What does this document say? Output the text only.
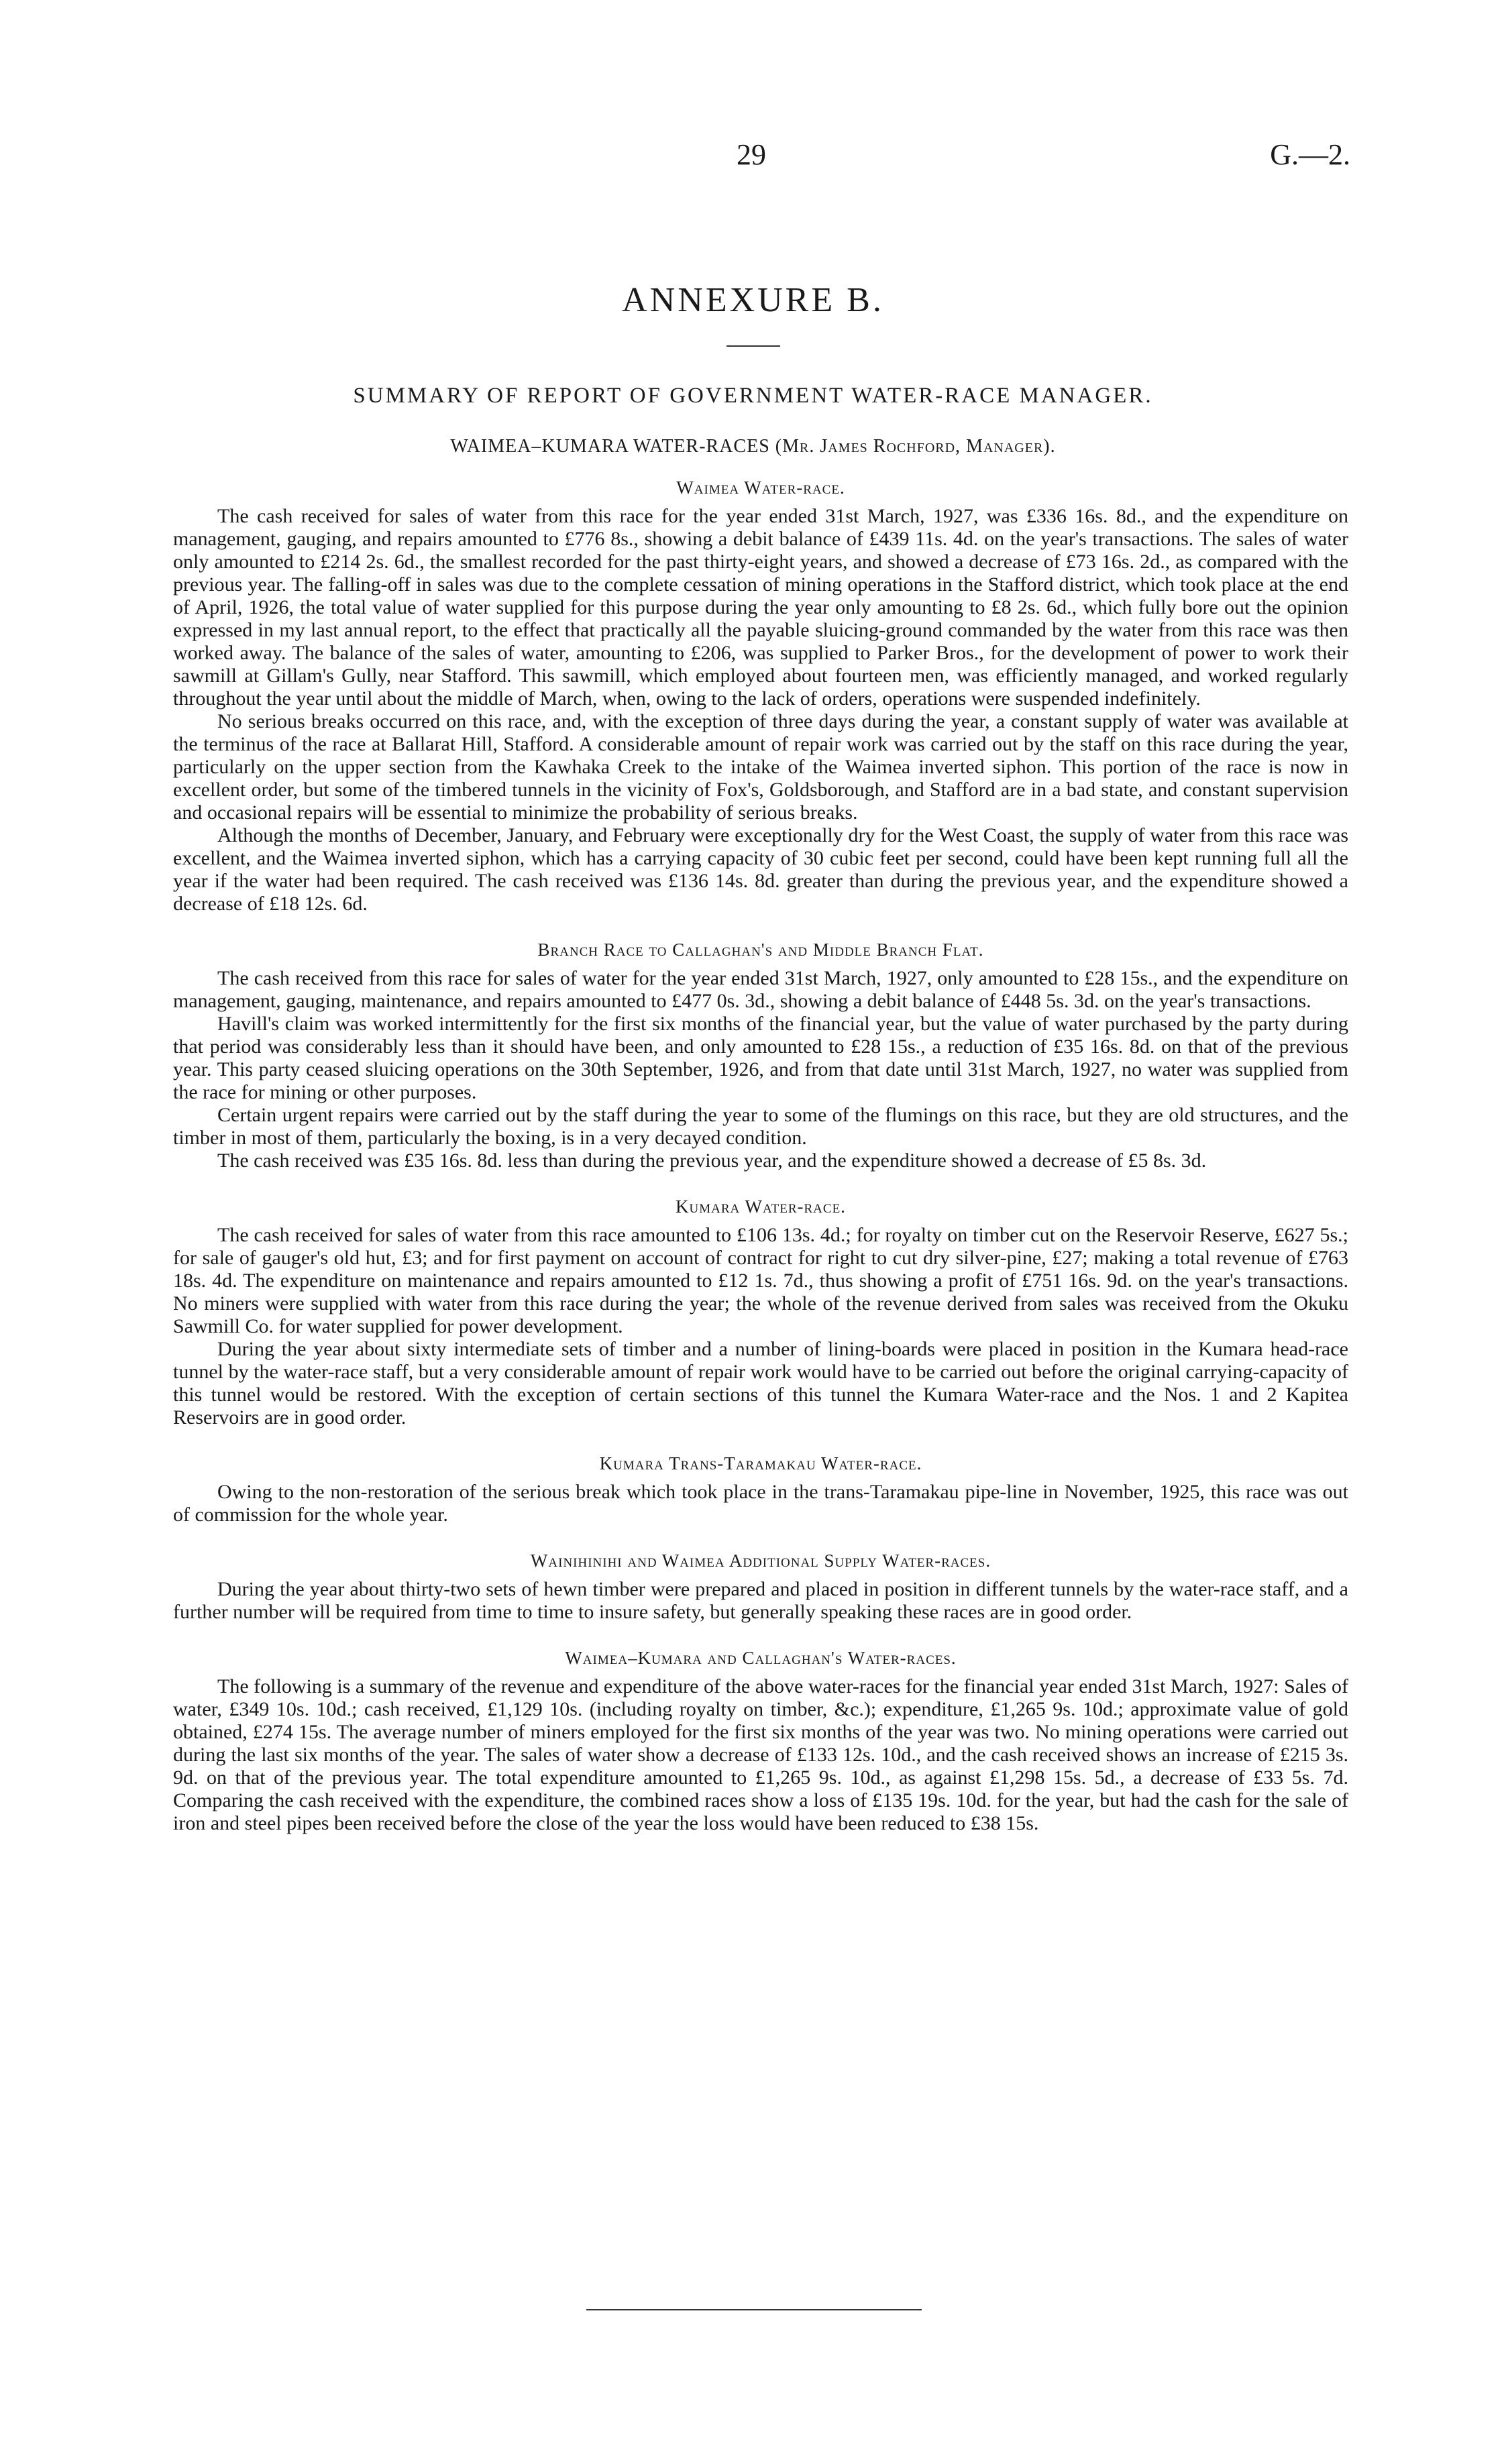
29	G.—2.
ANNEXURE B.
SUMMARY OF REPORT OF GOVERNMENT WATER-RACE MANAGER.
WAIMEA–KUMARA WATER-RACES (Mr. James Rochford, Manager).
Waimea Water-race.

The cash received for sales of water from this race for the year ended 31st March, 1927, was £336 16s. 8d., and the expenditure on management, gauging, and repairs amounted to £776 8s., showing a debit balance of £439 11s. 4d. on the year's transactions. The sales of water only amounted to £214 2s. 6d., the smallest recorded for the past thirty-eight years, and showed a decrease of £73 16s. 2d., as compared with the previous year. The falling-off in sales was due to the complete cessation of mining operations in the Stafford district, which took place at the end of April, 1926, the total value of water supplied for this purpose during the year only amounting to £8 2s. 6d., which fully bore out the opinion expressed in my last annual report, to the effect that practically all the payable sluicing-ground commanded by the water from this race was then worked away. The balance of the sales of water, amounting to £206, was supplied to Parker Bros., for the development of power to work their sawmill at Gillam's Gully, near Stafford. This sawmill, which employed about fourteen men, was efficiently managed, and worked regularly throughout the year until about the middle of March, when, owing to the lack of orders, operations were suspended indefinitely.

No serious breaks occurred on this race, and, with the exception of three days during the year, a constant supply of water was available at the terminus of the race at Ballarat Hill, Stafford. A considerable amount of repair work was carried out by the staff on this race during the year, particularly on the upper section from the Kawhaka Creek to the intake of the Waimea inverted siphon. This portion of the race is now in excellent order, but some of the timbered tunnels in the vicinity of Fox's, Goldsborough, and Stafford are in a bad state, and constant supervision and occasional repairs will be essential to minimize the probability of serious breaks.

Although the months of December, January, and February were exceptionally dry for the West Coast, the supply of water from this race was excellent, and the Waimea inverted siphon, which has a carrying capacity of 30 cubic feet per second, could have been kept running full all the year if the water had been required. The cash received was £136 14s. 8d. greater than during the previous year, and the expenditure showed a decrease of £18 12s. 6d.

Branch Race to Callaghan's and Middle Branch Flat.

The cash received from this race for sales of water for the year ended 31st March, 1927, only amounted to £28 15s., and the expenditure on management, gauging, maintenance, and repairs amounted to £477 0s. 3d., showing a debit balance of £448 5s. 3d. on the year's transactions.

Havill's claim was worked intermittently for the first six months of the financial year, but the value of water purchased by the party during that period was considerably less than it should have been, and only amounted to £28 15s., a reduction of £35 16s. 8d. on that of the previous year. This party ceased sluicing operations on the 30th September, 1926, and from that date until 31st March, 1927, no water was supplied from the race for mining or other purposes.

Certain urgent repairs were carried out by the staff during the year to some of the flumings on this race, but they are old structures, and the timber in most of them, particularly the boxing, is in a very decayed condition.

The cash received was £35 16s. 8d. less than during the previous year, and the expenditure showed a decrease of £5 8s. 3d.

Kumara Water-race.

The cash received for sales of water from this race amounted to £106 13s. 4d.; for royalty on timber cut on the Reservoir Reserve, £627 5s.; for sale of gauger's old hut, £3; and for first payment on account of contract for right to cut dry silver-pine, £27; making a total revenue of £763 18s. 4d. The expenditure on maintenance and repairs amounted to £12 1s. 7d., thus showing a profit of £751 16s. 9d. on the year's transactions. No miners were supplied with water from this race during the year; the whole of the revenue derived from sales was received from the Okuku Sawmill Co. for water supplied for power development.

During the year about sixty intermediate sets of timber and a number of lining-boards were placed in position in the Kumara head-race tunnel by the water-race staff, but a very considerable amount of repair work would have to be carried out before the original carrying-capacity of this tunnel would be restored. With the exception of certain sections of this tunnel the Kumara Water-race and the Nos. 1 and 2 Kapitea Reservoirs are in good order.

Kumara Trans-Taramakau Water-race.

Owing to the non-restoration of the serious break which took place in the trans-Taramakau pipe-line in November, 1925, this race was out of commission for the whole year.

Wainihinihi and Waimea Additional Supply Water-races.

During the year about thirty-two sets of hewn timber were prepared and placed in position in different tunnels by the water-race staff, and a further number will be required from time to time to insure safety, but generally speaking these races are in good order.

Waimea–Kumara and Callaghan's Water-races.

The following is a summary of the revenue and expenditure of the above water-races for the financial year ended 31st March, 1927: Sales of water, £349 10s. 10d.; cash received, £1,129 10s. (including royalty on timber, &c.); expenditure, £1,265 9s. 10d.; approximate value of gold obtained, £274 15s. The average number of miners employed for the first six months of the year was two. No mining operations were carried out during the last six months of the year. The sales of water show a decrease of £133 12s. 10d., and the cash received shows an increase of £215 3s. 9d. on that of the previous year. The total expenditure amounted to £1,265 9s. 10d., as against £1,298 15s. 5d., a decrease of £33 5s. 7d. Comparing the cash received with the expenditure, the combined races show a loss of £135 19s. 10d. for the year, but had the cash for the sale of iron and steel pipes been received before the close of the year the loss would have been reduced to £38 15s.
